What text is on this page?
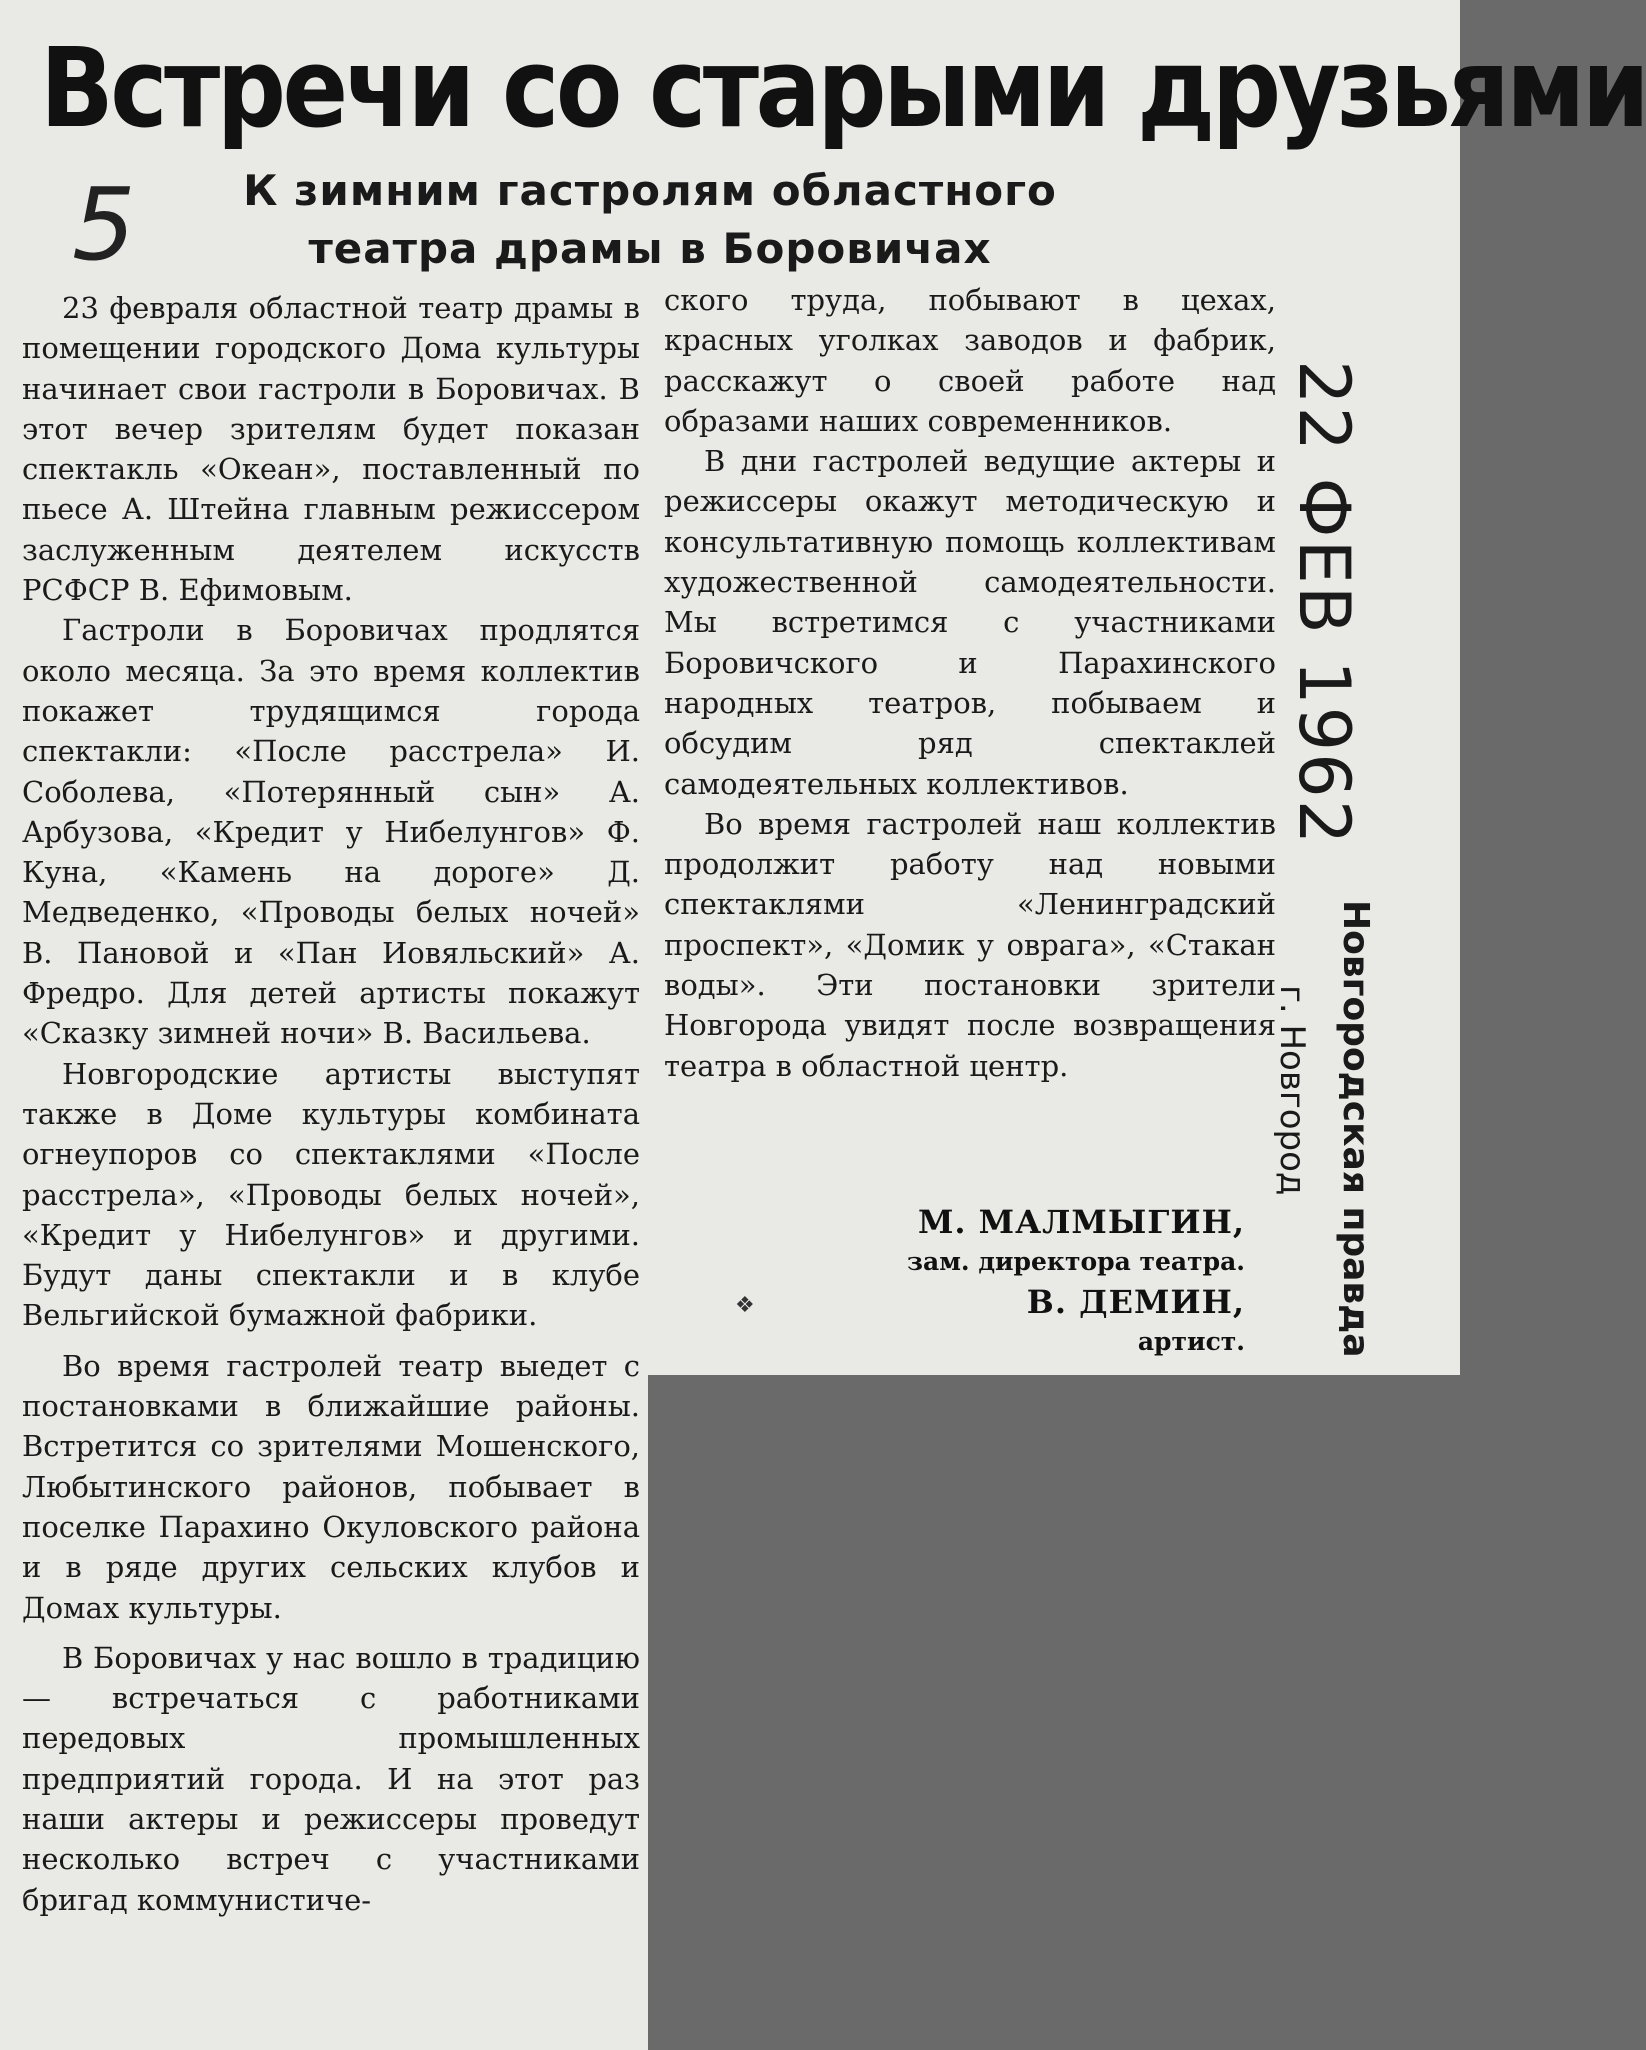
Встречи со старыми друзьями
5	К зимним гастролям областного
театра драмы в Боровичах

23 февраля областной театр драмы в помещении городского Дома культуры начинает свои гастроли в Боровичах. В этот вечер зрителям будет показан спектакль «Океан», поставленный по пьесе А. Штейна главным режиссером заслуженным деятелем искусств РСФСР В. Ефимовым.

Гастроли в Боровичах продлятся около месяца. За это время коллектив покажет трудящимся города спектакли: «После расстрела» И. Соболева, «Потерянный сын» А. Арбузова, «Кредит у Нибелунгов» Ф. Куна, «Камень на дороге» Д. Медведенко, «Проводы белых ночей» В. Пановой и «Пан Иовяльский» А. Фредро. Для детей артисты покажут «Сказку зимней ночи» В. Васильева.

Новгородские артисты выступят также в Доме культуры комбината огнеупоров со спектаклями «После расстрела», «Проводы белых ночей», «Кредит у Нибелунгов» и другими. Будут даны спектакли и в клубе Вельгийской бумажной фабрики.

Во время гастролей театр выедет с постановками в ближайшие районы. Встретится со зрителями Мошенского, Любытинского районов, побывает в поселке Парахино Окуловского района и в ряде других сельских клубов и Домах культуры.

В Боровичах у нас вошло в традицию — встречаться с работниками передовых промышленных предприятий города. И на этот раз наши актеры и режиссеры проведут несколько встреч с участниками бригад коммунистиче-

ского труда, побывают в цехах, красных уголках заводов и фабрик, расскажут о своей работе над образами наших современников.

В дни гастролей ведущие актеры и режиссеры окажут методическую и консультативную помощь коллективам художественной самодеятельности. Мы встретимся с участниками Боровичского и Парахинского народных театров, побываем и обсудим ряд спектаклей самодеятельных коллективов.

Во время гастролей наш коллектив продолжит работу над новыми спектаклями «Ленинградский проспект», «Домик у оврага», «Стакан воды». Эти постановки зрители Новгорода увидят после возвращения театра в областной центр.

М. МАЛМЫГИН,
зам. директора театра.
В. ДЕМИН,
артист.
❖
22 ФЕВ 1962
Новгородская правда
г. Новгород
